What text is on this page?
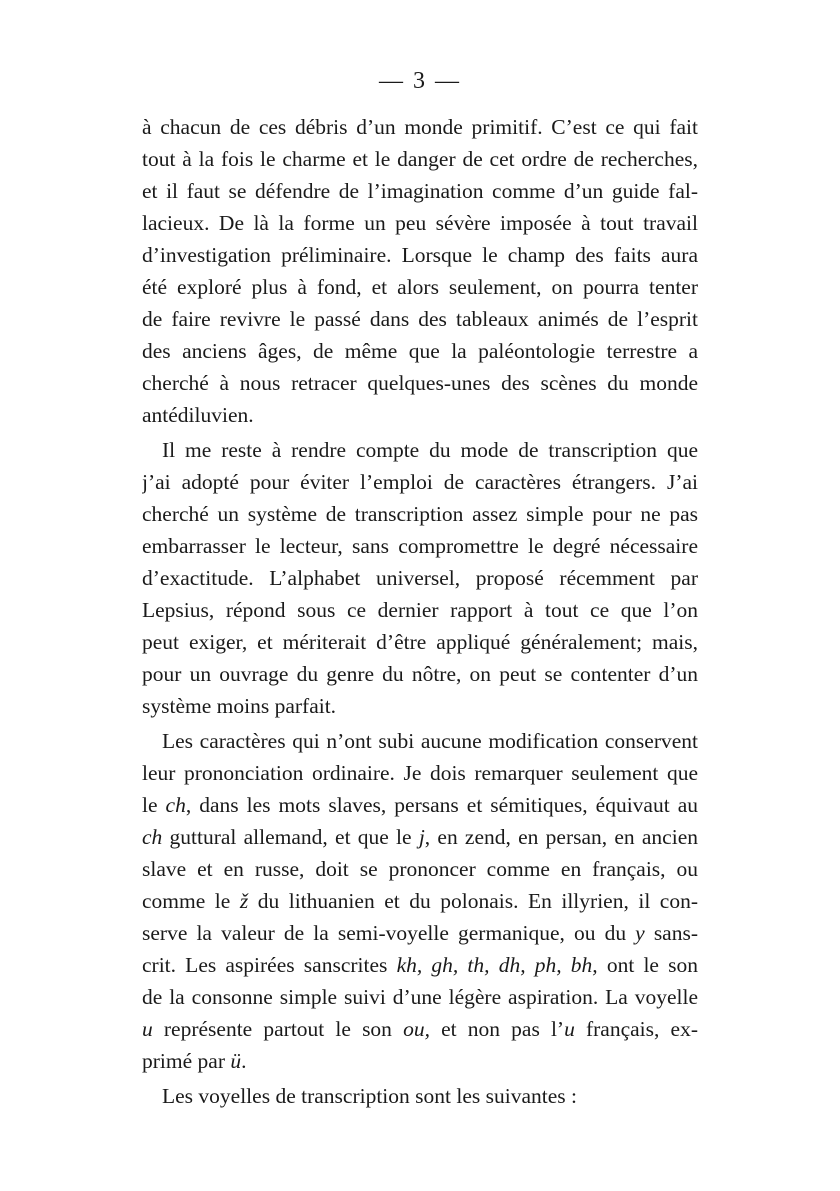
— 3 —
à chacun de ces débris d’un monde primitif. C’est ce qui fait
tout à la fois le charme et le danger de cet ordre de recherches,
et il faut se défendre de l’imagination comme d’un guide fal-
lacieux. De là la forme un peu sévère imposée à tout travail
d’investigation préliminaire. Lorsque le champ des faits aura
été exploré plus à fond, et alors seulement, on pourra tenter
de faire revivre le passé dans des tableaux animés de l’esprit
des anciens âges, de même que la paléontologie terrestre a
cherché à nous retracer quelques-unes des scènes du monde
antédiluvien.
Il me reste à rendre compte du mode de transcription que
j’ai adopté pour éviter l’emploi de caractères étrangers. J’ai
cherché un système de transcription assez simple pour ne pas
embarrasser le lecteur, sans compromettre le degré nécessaire
d’exactitude. L’alphabet universel, proposé récemment par
Lepsius, répond sous ce dernier rapport à tout ce que l’on
peut exiger, et mériterait d’être appliqué généralement; mais,
pour un ouvrage du genre du nôtre, on peut se contenter d’un
système moins parfait.
Les caractères qui n’ont subi aucune modification conservent
leur prononciation ordinaire. Je dois remarquer seulement que
le ch, dans les mots slaves, persans et sémitiques, équivaut au
ch guttural allemand, et que le j, en zend, en persan, en ancien
slave et en russe, doit se prononcer comme en français, ou
comme le ž du lithuanien et du polonais. En illyrien, il con-
serve la valeur de la semi-voyelle germanique, ou du y sans-
crit. Les aspirées sanscrites kh, gh, th, dh, ph, bh, ont le son
de la consonne simple suivi d’une légère aspiration. La voyelle
u représente partout le son ou, et non pas l’u français, ex-
primé par ü.
Les voyelles de transcription sont les suivantes :
